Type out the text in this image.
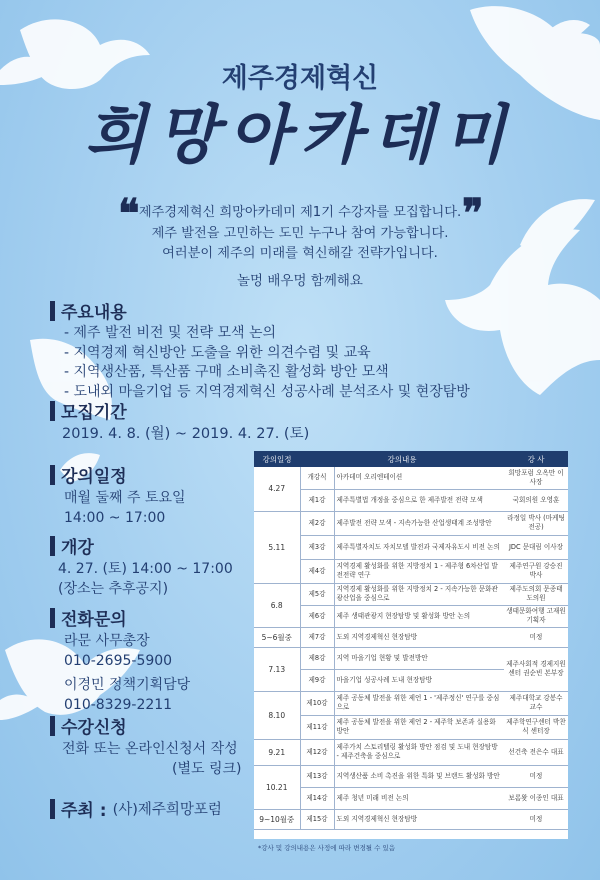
제주경제혁신
희망아카데미
❝	❞
제주경제혁신 희망아카데미 제1기 수강자를 모집합니다.
제주 발전을 고민하는 도민 누구나 참여 가능합니다.
여러분이 제주의 미래를 혁신해갈 전략가입니다.
놀멍 배우멍 함께해요
주요내용
- 제주 발전 비전 및 전략 모색 논의
- 지역경제 혁신방안 도출을 위한 의견수렴 및 교육
- 지역생산품, 특산품 구매 소비촉진 활성화 방안 모색
- 도내외 마을기업 등 지역경제혁신 성공사례 분석조사 및 현장탐방
모집기간
2019. 4. 8. (월) ~ 2019. 4. 27. (토)
강의일정
매월 둘째 주 토요일
14:00 ~ 17:00
개강
4. 27. (토) 14:00 ~ 17:00
(장소는 추후공지)
전화문의
라문 사무총장
010-2695-5900
이경민 정책기획담당
010-8329-2211
수강신청
전화 또는 온라인신청서 작성
(별도 링크)
주최 : (사)제주희망포럼
강의일정	강의내용		강 사
4.27	개강식	아카데미 오리엔테이션	희망포럼 오옥만 이사장
	제1강	제주특별법 개정을 중심으로 한 제주발전 전략 모색	국회의원 오영훈
5.11	제2강	제주발전 전략 모색 - 지속가능한 산업생태계 조성방안	라정일 박사 (마케팅전공)
	제3강	제주특별자치도 자치모델 발전과 국제자유도시 비전 논의	JDC 문대림 이사장
	제4강	지역경제 활성화를 위한 지방정치 1 - 제주형 6차산업 발전전략 연구	제주연구원 강승진 박사
6.8	제5강	지역경제 활성화를 위한 지방정치 2 - 지속가능한 문화관광산업을 중심으로	제주도의회 문종태 도의원
	제6강	제주 생태관광지 현장탐방 및 활성화 방안 논의	생태문화여행 고재원 기획자
5~6월중	제7강	도외 지역경제혁신 현장탐방	미정
7.13	제8강	지역 마을기업 현황 및 발전방안	제주사회적 경제지원센터 권순빈 본부장
	제9강	마을기업 성공사례 도내 현장탐방	
8.10	제10강	제주 공동체 발전을 위한 제언 1 - '제주정신' 연구를 중심으로	제주대학교 강봉수 교수
	제11강	제주 공동체 발전을 위한 제언 2 - 제주학 보존과 실용화 방안	제주학연구센터 박찬식 센터장
9.21	제12강	제주가치 스토리텔링 활성화 방안 점검 및 도내 현장탐방 - 제주건축을 중심으로	선건축 전은수 대표
10.21	제13강	지역생산품 소비 촉진을 위한 특화 및 브랜드 활성화 방안	미정
	제14강	제주 청년 미래 비전 논의	보롬왓 이종인 대표
9~10월중	제15강	도외 지역경제혁신 현장탐방	미정
*강사 및 강의내용은 사정에 따라 변경될 수 있음
